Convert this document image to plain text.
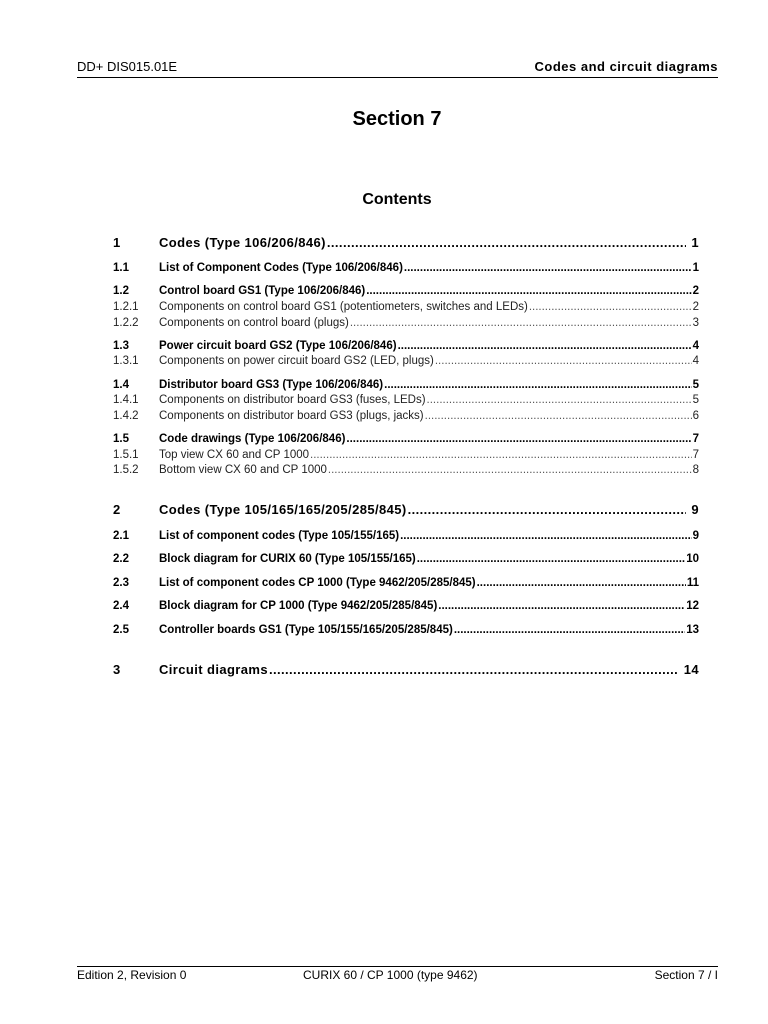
DD+ DIS015.01E	Codes and circuit diagrams
Section 7
Contents
1	Codes (Type 106/206/846) .....	1
1.1	List of Component Codes (Type 106/206/846) .....	1
1.2	Control board GS1 (Type 106/206/846) .....	2
1.2.1	Components on control board GS1 (potentiometers, switches and LEDs) .....	2
1.2.2	Components on control board (plugs) .....	3
1.3	Power circuit board GS2 (Type 106/206/846) .....	4
1.3.1	Components on power circuit board GS2 (LED, plugs) .....	4
1.4	Distributor board GS3 (Type 106/206/846) .....	5
1.4.1	Components on distributor board GS3 (fuses, LEDs) .....	5
1.4.2	Components on distributor board GS3 (plugs, jacks) .....	6
1.5	Code drawings (Type 106/206/846) .....	7
1.5.1	Top view CX 60 and CP 1000 .....	7
1.5.2	Bottom view CX 60 and CP 1000 .....	8
2	Codes (Type 105/165/165/205/285/845) .....	9
2.1	List of component codes (Type 105/155/165) .....	9
2.2	Block diagram for CURIX 60 (Type 105/155/165) .....	10
2.3	List of component codes CP 1000 (Type 9462/205/285/845) .....	11
2.4	Block diagram for CP 1000 (Type 9462/205/285/845) .....	12
2.5	Controller boards GS1 (Type 105/155/165/205/285/845) .....	13
3	Circuit diagrams .....	14
Edition 2, Revision 0	CURIX 60 / CP 1000 (type 9462)	Section 7 / I
